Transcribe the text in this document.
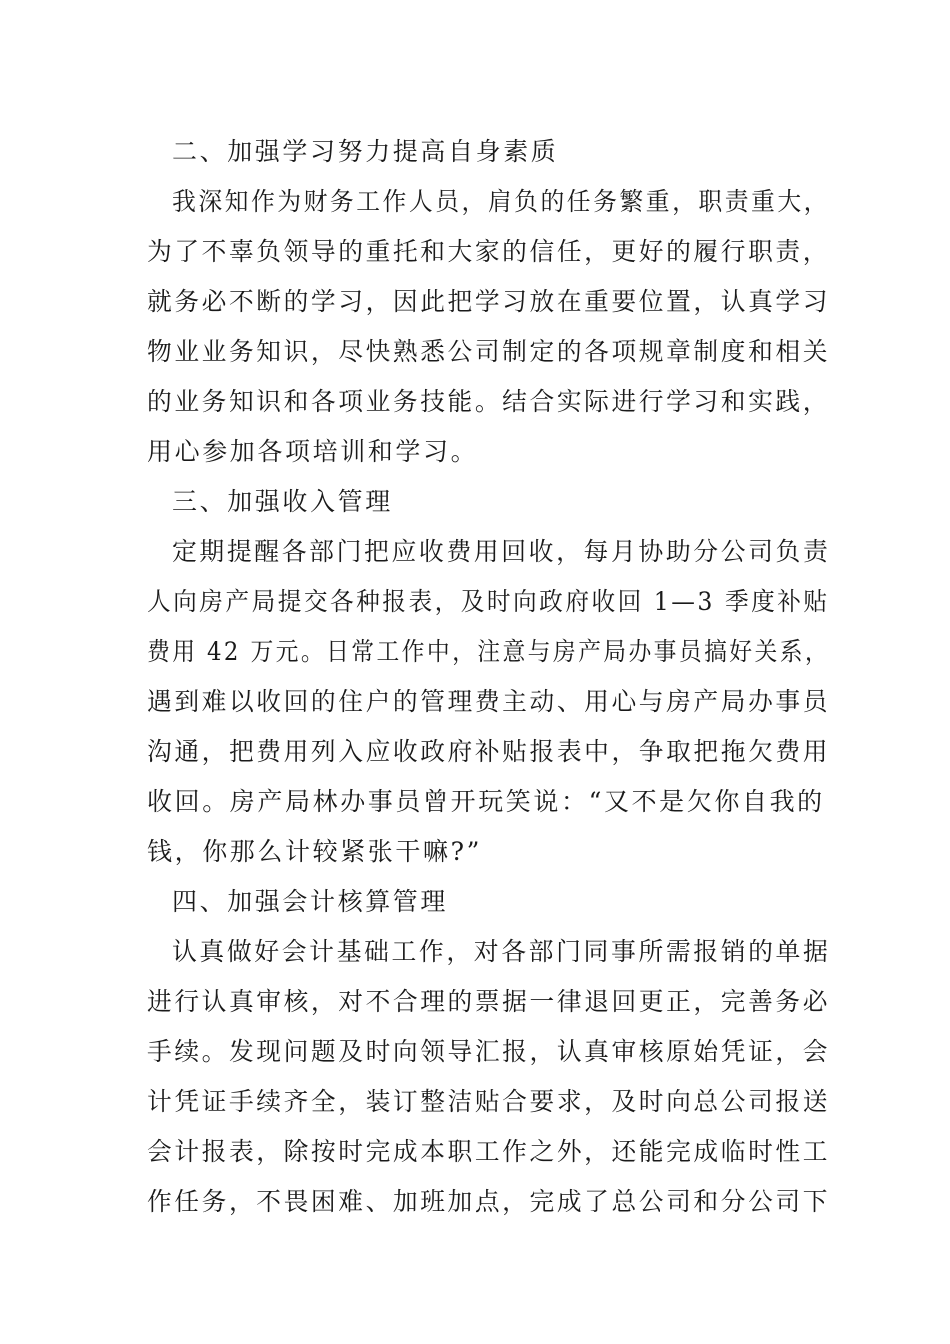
二、加强学习努力提高自身素质
我深知作为财务工作人员，肩负的任务繁重，职责重大，
为了不辜负领导的重托和大家的信任，更好的履行职责，
就务必不断的学习，因此把学习放在重要位置，认真学习
物业业务知识，尽快熟悉公司制定的各项规章制度和相关
的业务知识和各项业务技能。结合实际进行学习和实践，
用心参加各项培训和学习。
三、加强收入管理
定期提醒各部门把应收费用回收，每月协助分公司负责
人向房产局提交各种报表，及时向政府收回 1—3 季度补贴
费用 42 万元。日常工作中，注意与房产局办事员搞好关系，
遇到难以收回的住户的管理费主动、用心与房产局办事员
沟通，把费用列入应收政府补贴报表中，争取把拖欠费用
收回。房产局林办事员曾开玩笑说：“又不是欠你自我的
钱，你那么计较紧张干嘛?”
四、加强会计核算管理
认真做好会计基础工作，对各部门同事所需报销的单据
进行认真审核，对不合理的票据一律退回更正，完善务必
手续。发现问题及时向领导汇报，认真审核原始凭证，会
计凭证手续齐全，装订整洁贴合要求，及时向总公司报送
会计报表，除按时完成本职工作之外，还能完成临时性工
作任务，不畏困难、加班加点，完成了总公司和分公司下
